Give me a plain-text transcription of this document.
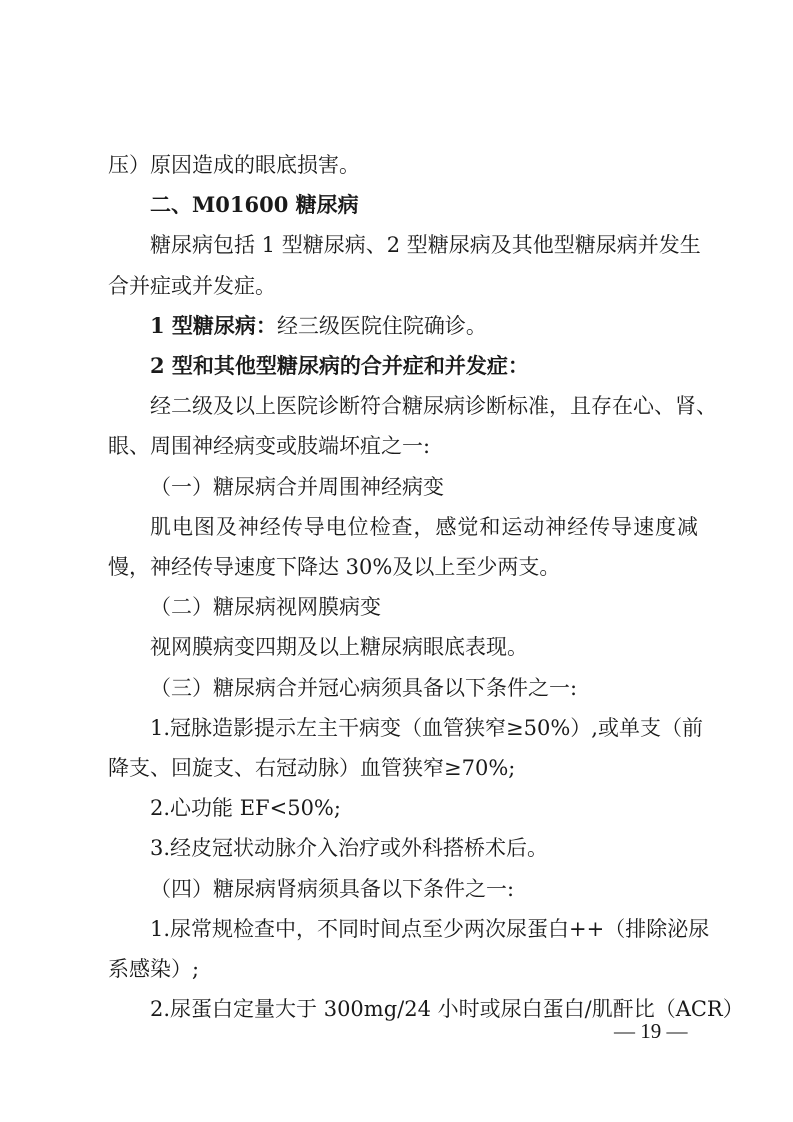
压）原因造成的眼底损害。
二、M01600 糖尿病
糖尿病包括 1 型糖尿病、2 型糖尿病及其他型糖尿病并发生
合并症或并发症。
1 型糖尿病：经三级医院住院确诊。
2 型和其他型糖尿病的合并症和并发症：
经二级及以上医院诊断符合糖尿病诊断标准，且存在心、肾、
眼、周围神经病变或肢端坏疽之一:
（一）糖尿病合并周围神经病变
肌电图及神经传导电位检查，感觉和运动神经传导速度减
慢，神经传导速度下降达 30%及以上至少两支。
（二）糖尿病视网膜病变
视网膜病变四期及以上糖尿病眼底表现。
（三）糖尿病合并冠心病须具备以下条件之一:
1.冠脉造影提示左主干病变（血管狭窄≥50%）,或单支（前
降支、回旋支、右冠动脉）血管狭窄≥70%;
2.心功能 EF<50%;
3.经皮冠状动脉介入治疗或外科搭桥术后。
（四）糖尿病肾病须具备以下条件之一:
1.尿常规检查中，不同时间点至少两次尿蛋白++（排除泌尿
系感染）;
2.尿蛋白定量大于 300mg/24 小时或尿白蛋白/肌酐比（ACR）
— 19 —
